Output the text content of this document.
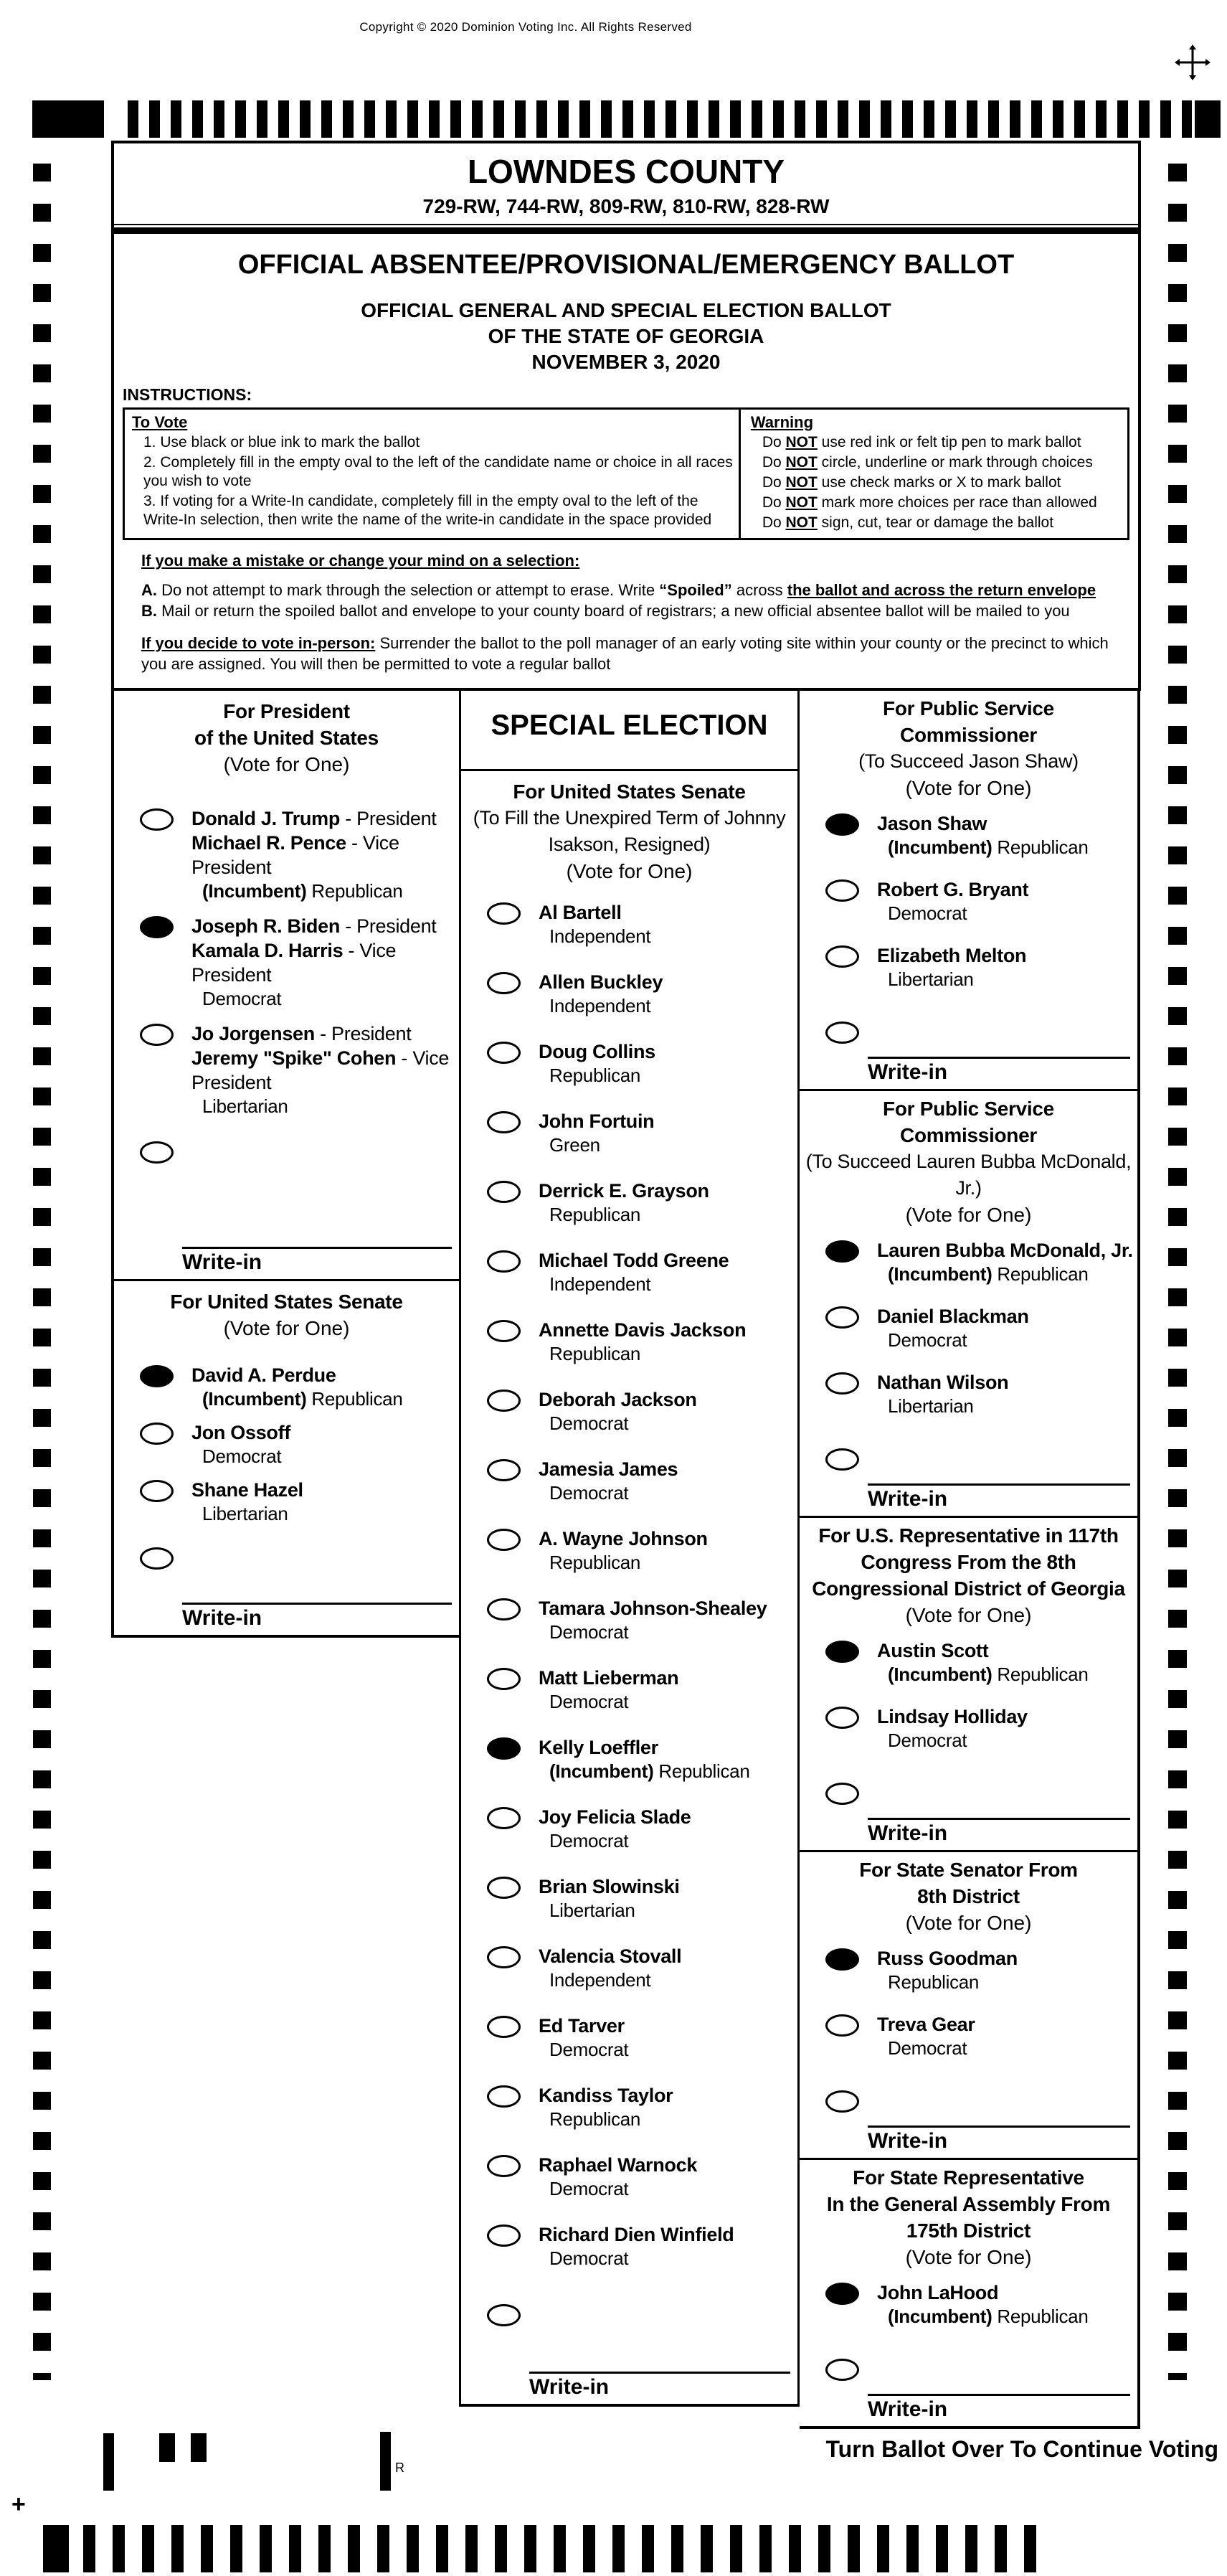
Copyright © 2020 Dominion Voting Inc. All Rights Reserved
LOWNDES COUNTY
729-RW, 744-RW, 809-RW, 810-RW, 828-RW
OFFICIAL ABSENTEE/PROVISIONAL/EMERGENCY BALLOT
OFFICIAL GENERAL AND SPECIAL ELECTION BALLOT
OF THE STATE OF GEORGIA
NOVEMBER 3, 2020
INSTRUCTIONS:
To Vote
1. Use black or blue ink to mark the ballot
2. Completely fill in the empty oval to the left of the candidate name or choice in all races you wish to vote
3. If voting for a Write-In candidate, completely fill in the empty oval to the left of the Write-In selection, then write the name of the write-in candidate in the space provided
Warning
Do NOT use red ink or felt tip pen to mark ballot
Do NOT circle, underline or mark through choices
Do NOT use check marks or X to mark ballot
Do NOT mark more choices per race than allowed
Do NOT sign, cut, tear or damage the ballot
If you make a mistake or change your mind on a selection:
A. Do not attempt to mark through the selection or attempt to erase. Write “Spoiled” across the ballot and across the return envelope
B. Mail or return the spoiled ballot and envelope to your county board of registrars; a new official absentee ballot will be mailed to you
If you decide to vote in-person: Surrender the ballot to the poll manager of an early voting site within your county or the precinct to which you are assigned. You will then be permitted to vote a regular ballot
For President
of the United States
(Vote for One)
Donald J. Trump - President
Michael R. Pence - Vice President
(Incumbent) Republican
Joseph R. Biden - President
Kamala D. Harris - Vice President
Democrat
Jo Jorgensen - President
Jeremy "Spike" Cohen - Vice President
Libertarian
Write-in
For United States Senate
(Vote for One)
David A. Perdue
(Incumbent) Republican
Jon Ossoff
Democrat
Shane Hazel
Libertarian
Write-in
SPECIAL ELECTION
For United States Senate
(To Fill the Unexpired Term of Johnny
Isakson, Resigned)
(Vote for One)
Al Bartell
Independent
Allen Buckley
Independent
Doug Collins
Republican
John Fortuin
Green
Derrick E. Grayson
Republican
Michael Todd Greene
Independent
Annette Davis Jackson
Republican
Deborah Jackson
Democrat
Jamesia James
Democrat
A. Wayne Johnson
Republican
Tamara Johnson-Shealey
Democrat
Matt Lieberman
Democrat
Kelly Loeffler
(Incumbent) Republican
Joy Felicia Slade
Democrat
Brian Slowinski
Libertarian
Valencia Stovall
Independent
Ed Tarver
Democrat
Kandiss Taylor
Republican
Raphael Warnock
Democrat
Richard Dien Winfield
Democrat
Write-in
For Public Service
Commissioner
(To Succeed Jason Shaw)
(Vote for One)
Jason Shaw
(Incumbent) Republican
Robert G. Bryant
Democrat
Elizabeth Melton
Libertarian
Write-in
For Public Service
Commissioner
(To Succeed Lauren Bubba McDonald, Jr.)
(Vote for One)
Lauren Bubba McDonald, Jr.
(Incumbent) Republican
Daniel Blackman
Democrat
Nathan Wilson
Libertarian
Write-in
For U.S. Representative in 117th
Congress From the 8th
Congressional District of Georgia
(Vote for One)
Austin Scott
(Incumbent) Republican
Lindsay Holliday
Democrat
Write-in
For State Senator From
8th District
(Vote for One)
Russ Goodman
Republican
Treva Gear
Democrat
Write-in
For State Representative
In the General Assembly From
175th District
(Vote for One)
John LaHood
(Incumbent) Republican
Write-in
Turn Ballot Over To Continue Voting
+
R
